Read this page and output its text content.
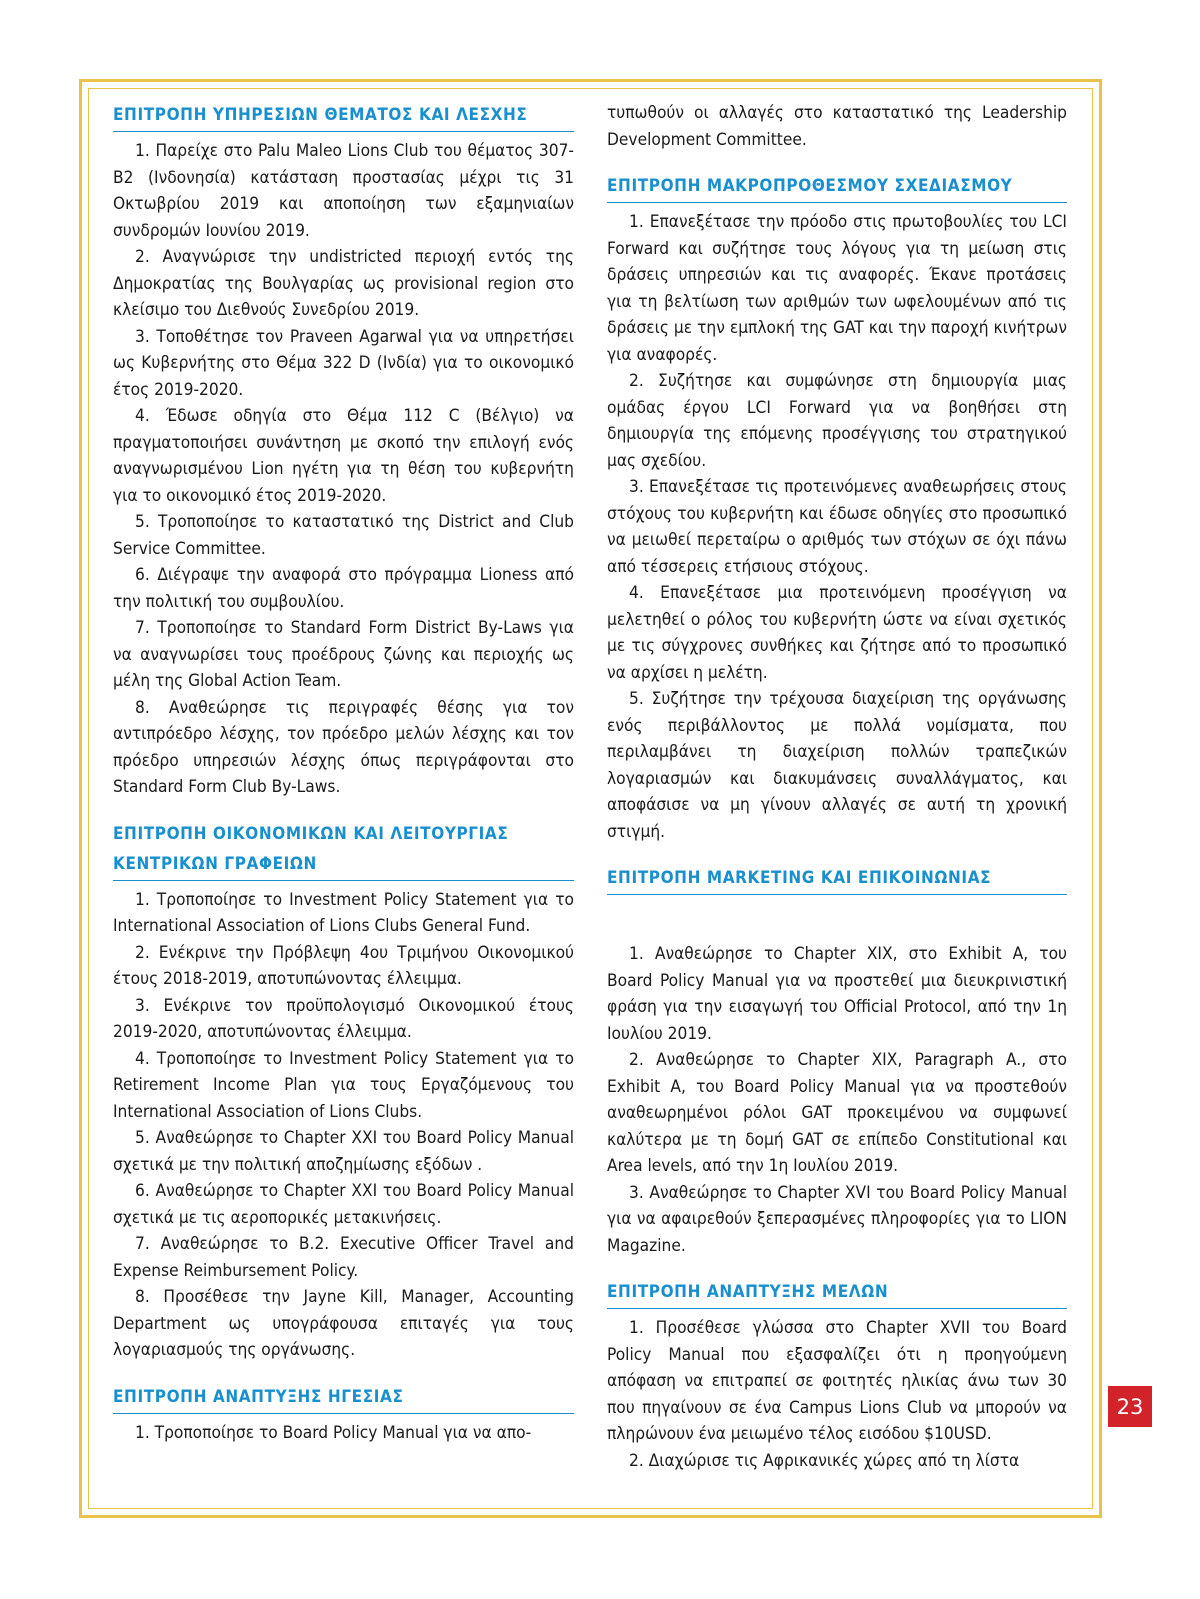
ΕΠΙΤΡΟΠΗ ΥΠΗΡΕΣΙΩΝ ΘΕΜΑΤΟΣ ΚΑΙ ΛΕΣΧΗΣ

1. Παρείχε στο Palu Maleo Lions Club του θέματος 307-B2 (Ινδονησία) κατάσταση προστασίας μέχρι τις 31 Οκτωβρίου 2019 και αποποίηση των εξαμηνιαίων συνδρομών Ιουνίου 2019.

2. Αναγνώρισε την undistricted περιοχή εντός της Δημοκρατίας της Βουλγαρίας ως provisional region στο κλείσιμο του Διεθνούς Συνεδρίου 2019.

3. Τοποθέτησε τον Praveen Agarwal για να υπηρετήσει ως Κυβερνήτης στο Θέμα 322 D (Ινδία) για το οικονομικό έτος 2019-2020.

4. Έδωσε οδηγία στο Θέμα 112 C (Βέλγιο) να πραγματοποιήσει συνάντηση με σκοπό την επιλογή ενός αναγνωρισμένου Lion ηγέτη για τη θέση του κυβερνήτη για το οικονομικό έτος 2019-2020.

5. Τροποποίησε το καταστατικό της District and Club Service Committee.

6. Διέγραψε την αναφορά στο πρόγραμμα Lioness από την πολιτική του συμβουλίου.

7. Τροποποίησε το Standard Form District By-Laws για να αναγνωρίσει τους προέδρους ζώνης και περιοχής ως μέλη της Global Action Team.

8. Αναθεώρησε τις περιγραφές θέσης για τον αντιπρόεδρο λέσχης, τον πρόεδρο μελών λέσχης και τον πρόεδρο υπηρεσιών λέσχης όπως περιγράφονται στο Standard Form Club By-Laws.

ΕΠΙΤΡΟΠΗ ΟΙΚΟΝΟΜΙΚΩΝ ΚΑΙ ΛΕΙΤΟΥΡΓΙΑΣ
ΚΕΝΤΡΙΚΩΝ ΓΡΑΦΕΙΩΝ

1. Τροποποίησε το Investment Policy Statement για το International Association of Lions Clubs General Fund.

2. Ενέκρινε την Πρόβλεψη 4ου Τριμήνου Οικονομικού έτους 2018-2019, αποτυπώνοντας έλλειμμα.

3. Ενέκρινε τον προϋπολογισμό Οικονομικού έτους 2019-2020, αποτυπώνοντας έλλειμμα.

4. Τροποποίησε το Investment Policy Statement για το Retirement Income Plan για τους Εργαζόμενους του International Association of Lions Clubs.

5. Αναθεώρησε το Chapter XXI του Board Policy Manual σχετικά με την πολιτική αποζημίωσης εξόδων .

6. Αναθεώρησε το Chapter XXI του Board Policy Manual σχετικά με τις αεροπορικές μετακινήσεις.

7. Αναθεώρησε το B.2. Executive Officer Travel and Expense Reimbursement Policy.

8. Προσέθεσε την Jayne Kill, Manager, Accounting Department ως υπογράφουσα επιταγές για τους λογαριασμούς της οργάνωσης.

ΕΠΙΤΡΟΠΗ ΑΝΑΠΤΥΞΗΣ ΗΓΕΣΙΑΣ

1. Τροποποίησε το Board Policy Manual για να απο-

τυπωθούν οι αλλαγές στο καταστατικό της Leadership Development Committee.

ΕΠΙΤΡΟΠΗ ΜΑΚΡΟΠΡΟΘΕΣΜΟΥ ΣΧΕΔΙΑΣΜΟΥ

1. Επανεξέτασε την πρόοδο στις πρωτοβουλίες του LCI Forward και συζήτησε τους λόγους για τη μείωση στις δράσεις υπηρεσιών και τις αναφορές. Έκανε προτάσεις για τη βελτίωση των αριθμών των ωφελουμένων από τις δράσεις με την εμπλοκή της GAT και την παροχή κινήτρων για αναφορές.

2. Συζήτησε και συμφώνησε στη δημιουργία μιας ομάδας έργου LCI Forward για να βοηθήσει στη δημιουργία της επόμενης προσέγγισης του στρατηγικού μας σχεδίου.

3. Επανεξέτασε τις προτεινόμενες αναθεωρήσεις στους στόχους του κυβερνήτη και έδωσε οδηγίες στο προσωπικό να μειωθεί περεταίρω ο αριθμός των στόχων σε όχι πάνω από τέσσερεις ετήσιους στόχους.

4. Επανεξέτασε μια προτεινόμενη προσέγγιση να μελετηθεί ο ρόλος του κυβερνήτη ώστε να είναι σχετικός με τις σύγχρονες συνθήκες και ζήτησε από το προσωπικό να αρχίσει η μελέτη.

5. Συζήτησε την τρέχουσα διαχείριση της οργάνωσης ενός περιβάλλοντος με πολλά νομίσματα, που περιλαμβάνει τη διαχείριση πολλών τραπεζικών λογαριασμών και διακυμάνσεις συναλλάγματος, και αποφάσισε να μη γίνουν αλλαγές σε αυτή τη χρονική στιγμή.

ΕΠΙΤΡΟΠΗ MARKETING ΚΑΙ ΕΠΙΚΟΙΝΩΝΙΑΣ

1. Αναθεώρησε το Chapter XIX, στο Exhibit A, του Board Policy Manual για να προστεθεί μια διευκρινιστική φράση για την εισαγωγή του Official Protocol, από την 1η Ιουλίου 2019.

2. Αναθεώρησε το Chapter XIX, Paragraph A., στο Exhibit A, του Board Policy Manual για να προστεθούν αναθεωρημένοι ρόλοι GAT προκειμένου να συμφωνεί καλύτερα με τη δομή GAT σε επίπεδο Constitutional και Area levels, από την 1η Ιουλίου 2019.

3. Αναθεώρησε το Chapter XVI του Board Policy Manual για να αφαιρεθούν ξεπερασμένες πληροφορίες για το LION Magazine.

ΕΠΙΤΡΟΠΗ ΑΝΑΠΤΥΞΗΣ ΜΕΛΩΝ

1. Προσέθεσε γλώσσα στο Chapter XVII του Board Policy Manual που εξασφαλίζει ότι η προηγούμενη απόφαση να επιτραπεί σε φοιτητές ηλικίας άνω των 30 που πηγαίνουν σε ένα Campus Lions Club να μπορούν να πληρώνουν ένα μειωμένο τέλος εισόδου $10USD.

2. Διαχώρισε τις Αφρικανικές χώρες από τη λίστα

23
